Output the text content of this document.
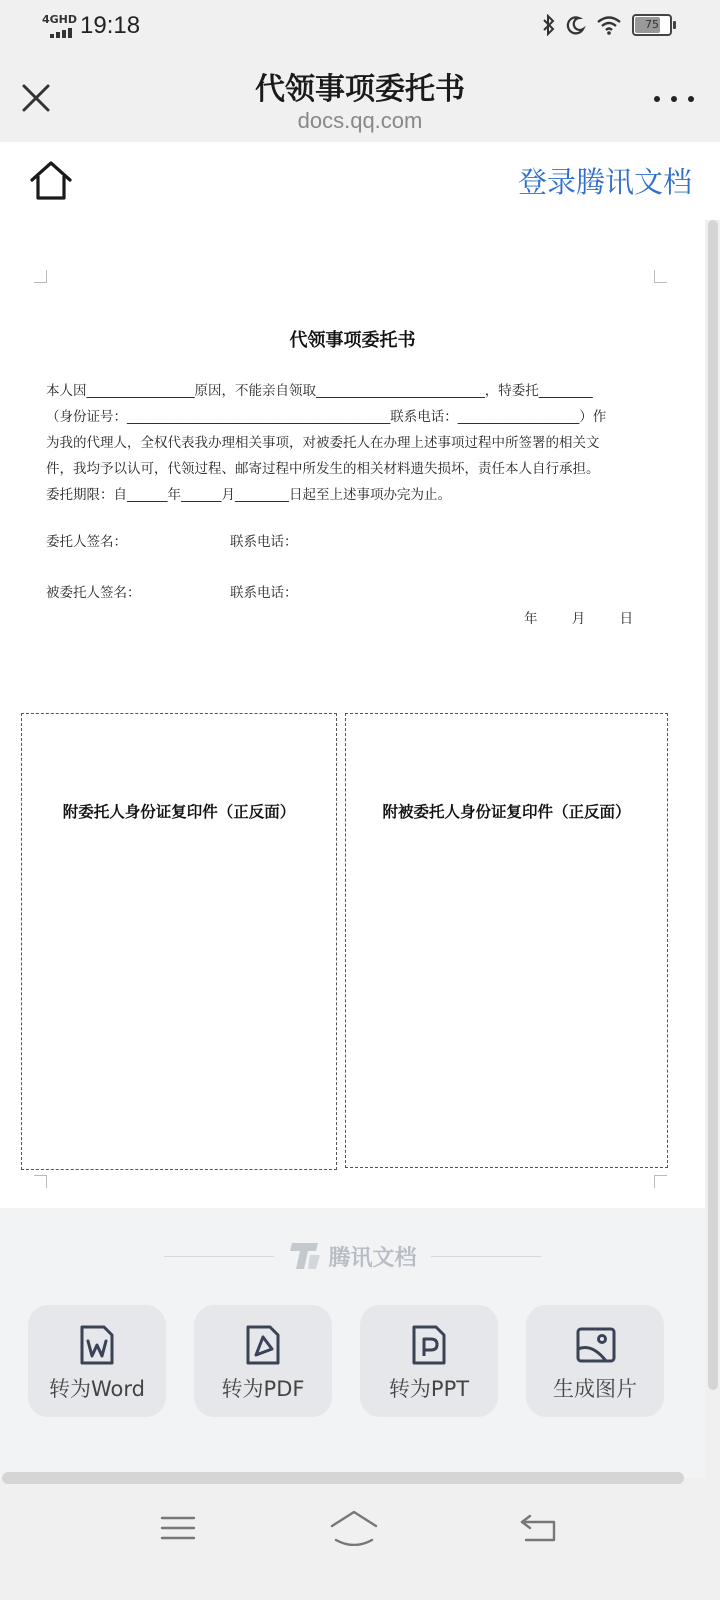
4GHD 19:18	75
代领事项委托书
docs.qq.com
登录腾讯文档
代领事项委托书

本人因________________原因，不能亲自领取_________________________，特委托________

（身份证号：_______________________________________联系电话：__________________）作

为我的代理人，全权代表我办理相关事项，对被委托人在办理上述事项过程中所签署的相关文

件，我均予以认可，代领过程、邮寄过程中所发生的相关材料遗失损坏，责任本人自行承担。

委托期限：自______年______月________日起至上述事项办完为止。

委托人签名：	联系电话：
被委托人签名：	联系电话：
年 月 日
附委托人身份证复印件（正反面）	附被委托人身份证复印件（正反面）
腾讯文档
转为Word	转为PDF	转为PPT	生成图片
